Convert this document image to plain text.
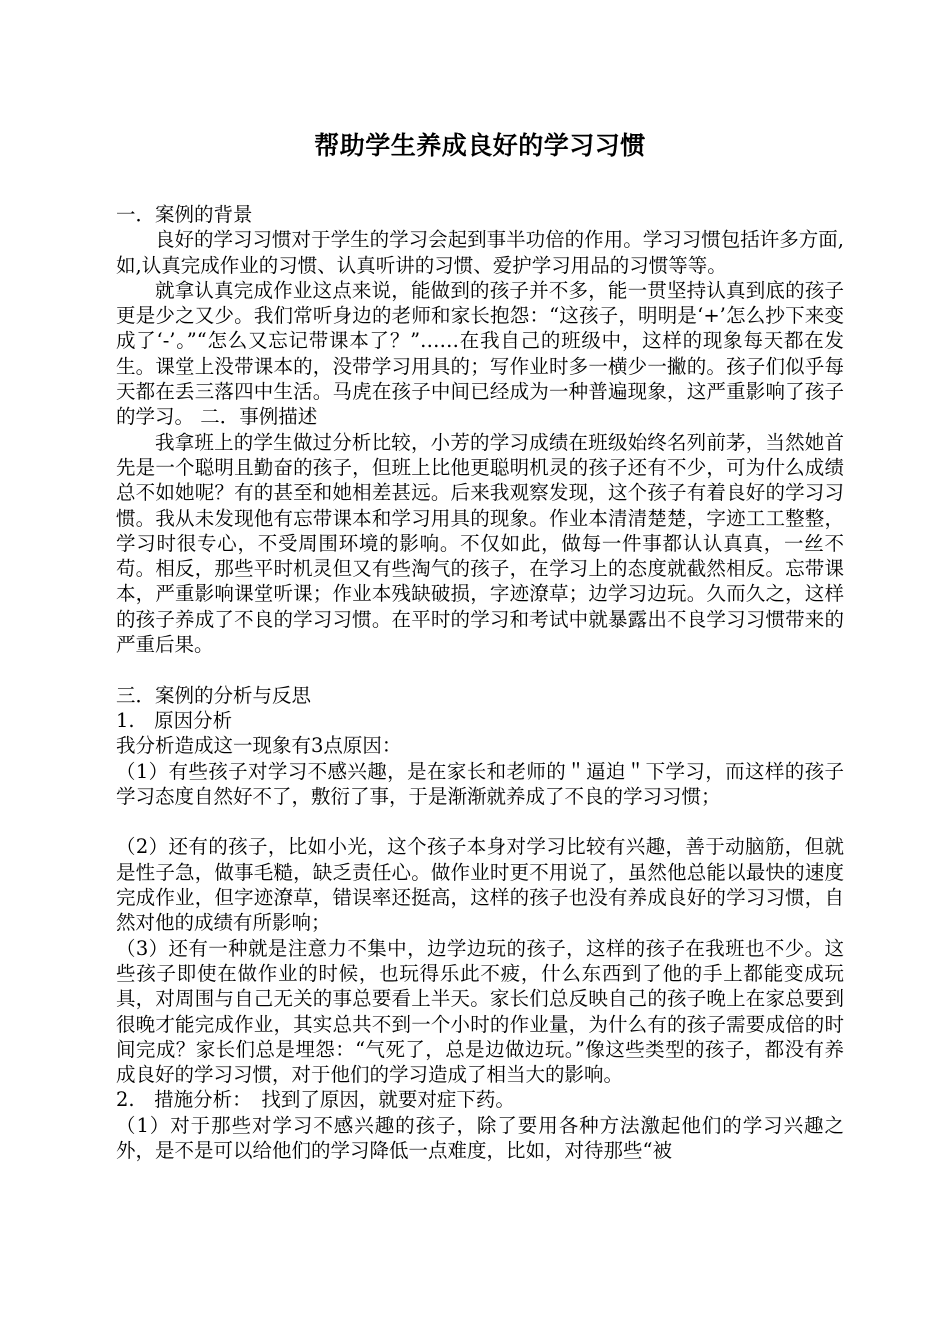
帮助学生养成良好的学习习惯
一．案例的背景

良好的学习习惯对于学生的学习会起到事半功倍的作用。学习习惯包括许多方面,如,认真完成作业的习惯、认真听讲的习惯、爱护学习用品的习惯等等。

就拿认真完成作业这点来说，能做到的孩子并不多，能一贯坚持认真到底的孩子更是少之又少。我们常听身边的老师和家长抱怨：“这孩子，明明是‘+’怎么抄下来变成了‘-’。”“怎么又忘记带课本了？”……在我自己的班级中，这样的现象每天都在发生。课堂上没带课本的，没带学习用具的；写作业时多一横少一撇的。孩子们似乎每天都在丢三落四中生活。马虎在孩子中间已经成为一种普遍现象，这严重影响了孩子的学习。 二．事例描述

我拿班上的学生做过分析比较，小芳的学习成绩在班级始终名列前茅，当然她首先是一个聪明且勤奋的孩子，但班上比他更聪明机灵的孩子还有不少，可为什么成绩总不如她呢？有的甚至和她相差甚远。后来我观察发现，这个孩子有着良好的学习习惯。我从未发现他有忘带课本和学习用具的现象。作业本清清楚楚，字迹工工整整，学习时很专心，不受周围环境的影响。不仅如此，做每一件事都认认真真，一丝不苟。相反，那些平时机灵但又有些淘气的孩子，在学习上的态度就截然相反。忘带课本，严重影响课堂听课；作业本残缺破损，字迹潦草；边学习边玩。久而久之，这样的孩子养成了不良的学习习惯。在平时的学习和考试中就暴露出不良学习习惯带来的严重后果。

三．案例的分析与反思
1.　原因分析

我分析造成这一现象有3点原因：

（1）有些孩子对学习不感兴趣，是在家长和老师的＂逼迫＂下学习，而这样的孩子学习态度自然好不了，敷衍了事，于是渐渐就养成了不良的学习习惯；

（2）还有的孩子，比如小光，这个孩子本身对学习比较有兴趣，善于动脑筋，但就是性子急，做事毛糙，缺乏责任心。做作业时更不用说了，虽然他总能以最快的速度完成作业，但字迹潦草，错误率还挺高，这样的孩子也没有养成良好的学习习惯，自然对他的成绩有所影响；

（3）还有一种就是注意力不集中，边学边玩的孩子，这样的孩子在我班也不少。这些孩子即使在做作业的时候，也玩得乐此不疲，什么东西到了他的手上都能变成玩具，对周围与自己无关的事总要看上半天。家长们总反映自己的孩子晚上在家总要到很晚才能完成作业，其实总共不到一个小时的作业量，为什么有的孩子需要成倍的时间完成？家长们总是埋怨：“气死了，总是边做边玩。”像这些类型的孩子，都没有养成良好的学习习惯，对于他们的学习造成了相当大的影响。

2.　措施分析：　找到了原因，就要对症下药。

（1）对于那些对学习不感兴趣的孩子，除了要用各种方法激起他们的学习兴趣之外，是不是可以给他们的学习降低一点难度，比如，对待那些“被
